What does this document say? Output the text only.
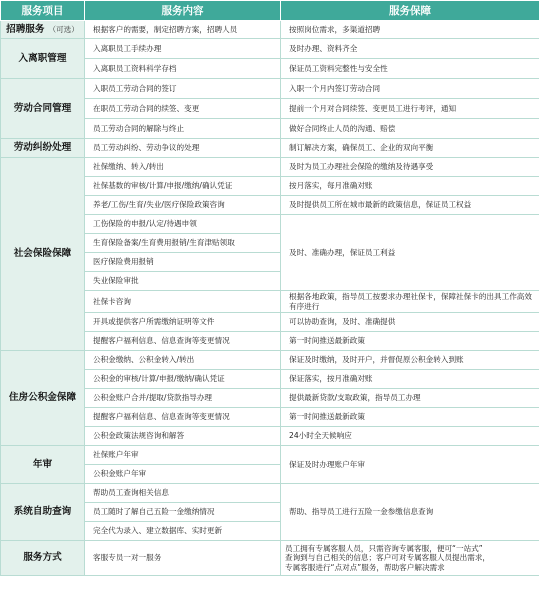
服务项目	服务内容	服务保障
招聘服务 （可选）	根据客户的需要，制定招聘方案，招聘人员	按照岗位需求，多渠道招聘
入离职管理	入离职员工手续办理	及时办理、资料齐全
	入离职员工资料科学存档	保证员工资料完整性与安全性
劳动合同管理	入职员工劳动合同的签订	入职一个月内签订劳动合同
	在职员工劳动合同的续签、变更	提前一个月对合同续签、变更员工进行考评，通知
	员工劳动合同的解除与终止	做好合同终止人员的沟通、赔偿
劳动纠纷处理	员工劳动纠纷、劳动争议的处理	制订解决方案，确保员工、企业的双向平衡
社会保险保障	社保缴纳、转入/转出	及时为员工办理社会保险的缴纳及待遇享受

	社保基数的审核/计算/申报/缴纳/确认凭证	按月落实，每月准确对账
	养老/工伤/生育/失业/医疗保险政策咨询	及时提供员工所在城市最新的政策信息，保证员工权益
	工伤保险的申报/认定/待遇申领	及时、准确办理，保证员工利益
	生育保险备案/生育费用报销/生育津贴领取	
	医疗保险费用报销	
	失业保险审批	
	社保卡咨询	根据各地政策，指导员工按要求办理社保卡，保障社保卡的出具工作高效有序进行
	开具或提供客户所需缴纳证明等文件	可以协助查询，及时、准确提供
	提醒客户福利信息、信息查询等变更情况	第一时间推送最新政策
住房公积金保障	公积金缴纳、公积金转入/转出	保证及时缴纳，及时开户，并督促原公积金转入到账
	公积金的审核/计算/申报/缴纳/确认凭证	保证落实，按月准确对账
	公积金账户合并/提取/贷款指导办理	提供最新贷款/支取政策，指导员工办理
	提醒客户福利信息、信息查询等变更情况	第一时间推送最新政策
	公积金政策法规咨询和解答	24小时全天候响应
年审	社保账户年审	保证及时办理账户年审
	公积金账户年审	
系统自助查询	帮助员工查询相关信息	帮助、指导员工进行五险一金参缴信息查询
	员工随时了解自己五险一金缴纳情况	
	完全代为录入、建立数据库、实时更新	
服务方式	客服专员一对一服务	员工拥有专属客服人员，只需咨询专属客服，便可“一站式”
查询到与自己相关的信息；客户可对专属客服人员提出需求，
专属客服进行“点对点”服务，帮助客户解决需求
